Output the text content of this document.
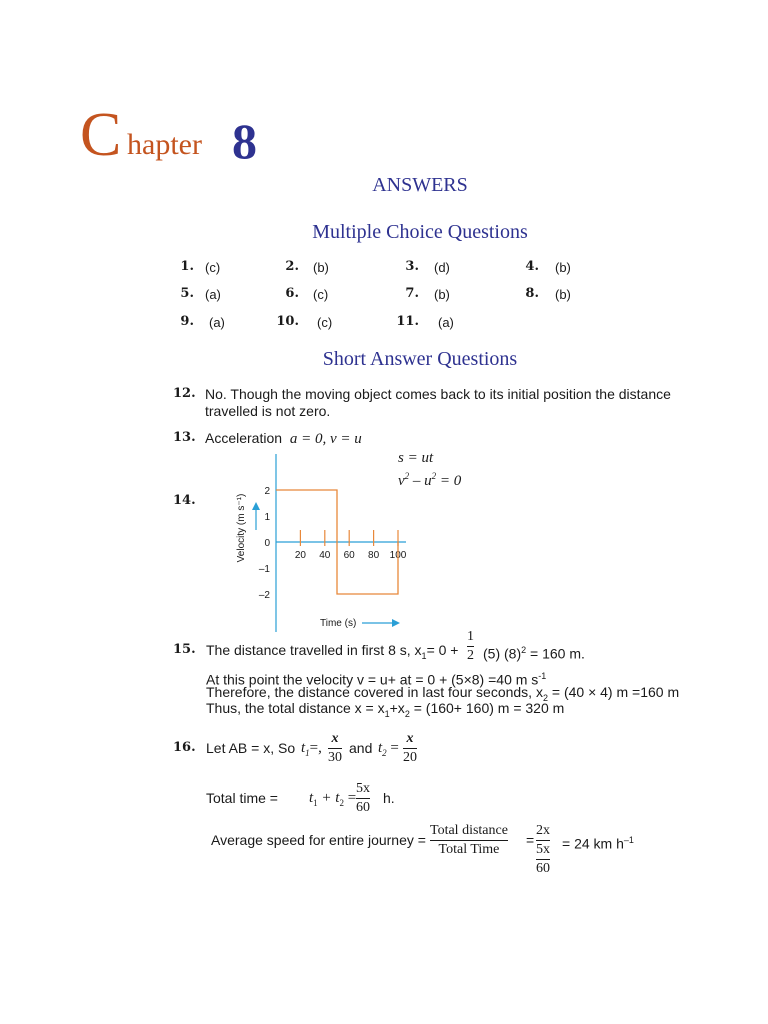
C hapter 8
ANSWERS
Multiple Choice Questions
1. (c)	2. (b)	3. (d)	4. (b)
5. (a)	6. (c)	7. (b)	8. (b)
9. (a)	10. (c)	11. (a)
Short Answer Questions
12. No. Though the moving object comes back to its initial position the distance
travelled is not zero.
13. Acceleration a = 0, v = u
s = ut
$v^2 - u^2 = 0$
14.
2
1
0
–1
–2
20 40 60 80 100
Velocity (m s⁻¹)
Time (s)
15. The distance travelled in first 8 s, $x_1= 0$ +
1
2 (5) $(8)^2 = 160$ m.
At this point the velocity v = u+ at = 0 + (5×8) =40 m $s^{-1}$
Therefore, the distance covered in last four seconds, $x_2 = (40 \times 4)$ m =160 m
Thus, the total distance $x = x_1+x_2 = (160+ 160) m = 320$ m
16. Let AB = x, So $t_1=$,
x
30
and $t_2$ =
x
20
Total time = $t_1 + t_2$ =
5x
60
h.
Average speed for entire journey =
Total distance
Total Time
=
2x
5x
60
= 24 km $h^{-1}$
